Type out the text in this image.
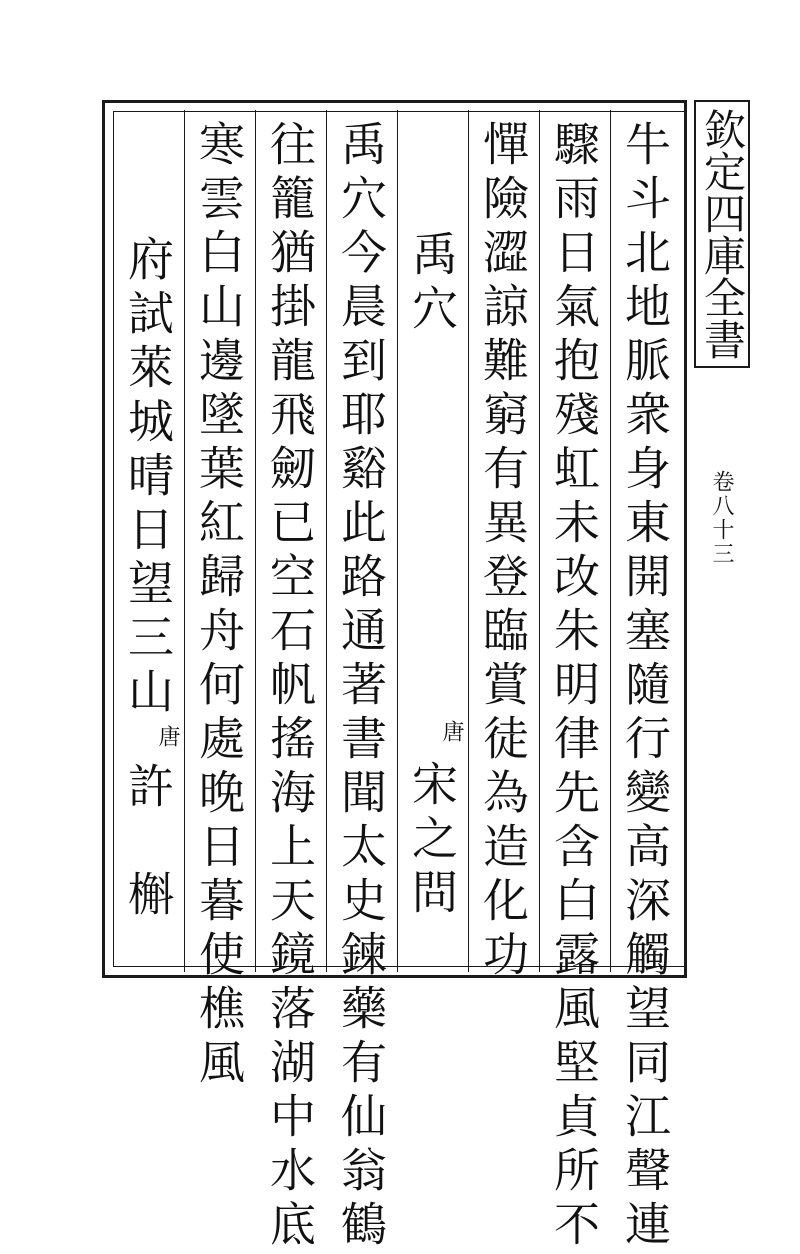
欽定四庫全書
卷八十三
牛斗北地脈衆身東開塞隨行變高深觸望同江聲連
驟雨日氣抱殘虹未改朱明律先含白露風堅貞所不
憚險澀諒難窮有異登臨賞徒為造化功
禹穴
唐
宋之問
禹穴今晨到耶谿此路通著書聞太史鍊藥有仙翁鶴
往籠猶掛龍飛劒已空石帆搖海上天鏡落湖中水底
寒雲白山邊墜葉紅歸舟何處晚日暮使樵風
府試萊城晴日望三山
唐
許　槲
